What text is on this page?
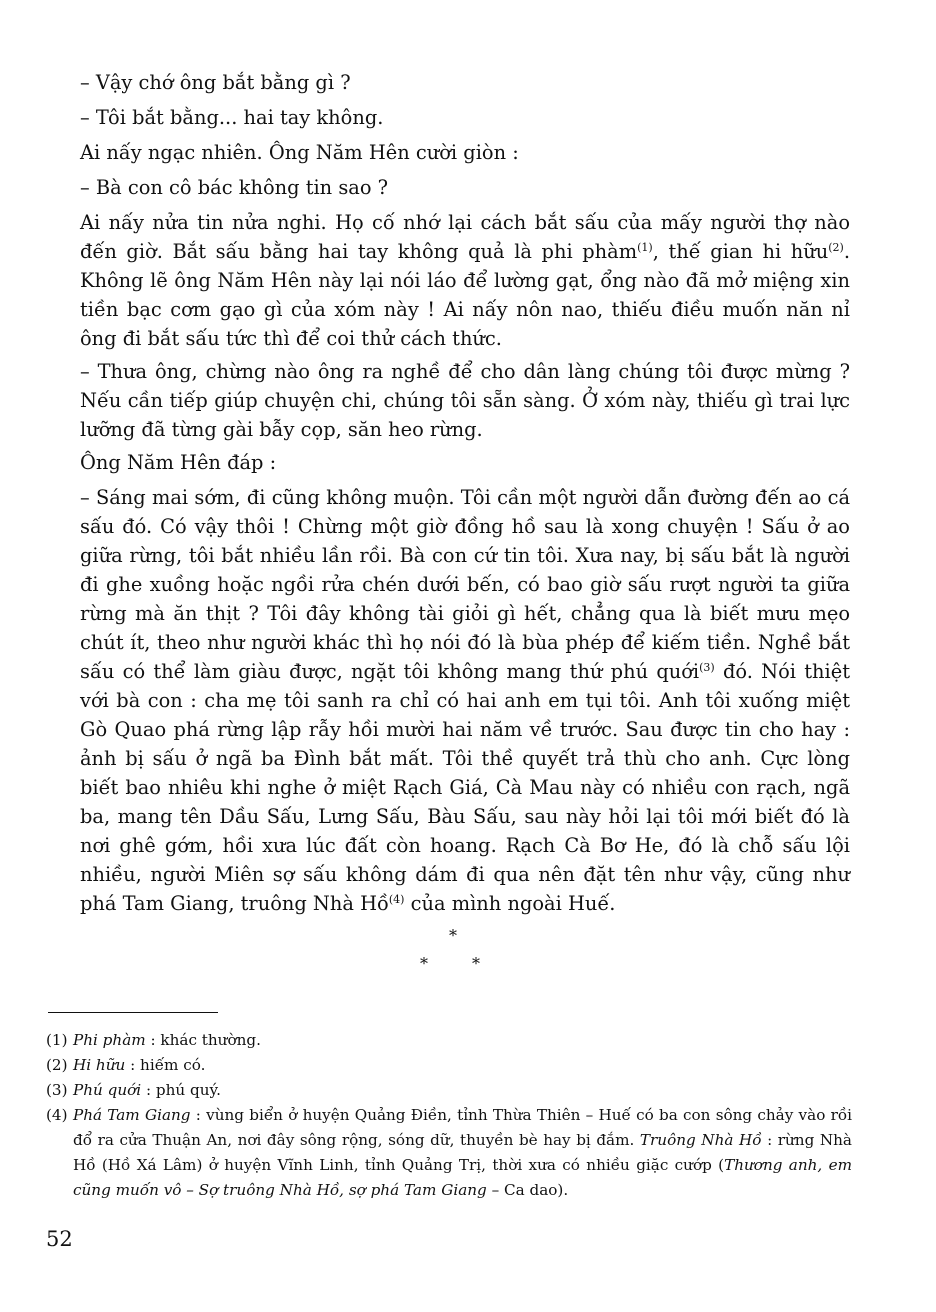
– Vậy chớ ông bắt bằng gì ?

– Tôi bắt bằng... hai tay không.

Ai nấy ngạc nhiên. Ông Năm Hên cười giòn :

– Bà con cô bác không tin sao ?

Ai nấy nửa tin nửa nghi. Họ cố nhớ lại cách bắt sấu của mấy người thợ nào đến giờ. Bắt sấu bằng hai tay không quả là phi phàm$^{(1)}$, thế gian hi hữu$^{(2)}$. Không lẽ ông Năm Hên này lại nói láo để lường gạt, ổng nào đã mở miệng xin tiền bạc cơm gạo gì của xóm này ! Ai nấy nôn nao, thiếu điều muốn năn nỉ ông đi bắt sấu tức thì để coi thử cách thức.

– Thưa ông, chừng nào ông ra nghề để cho dân làng chúng tôi được mừng ? Nếu cần tiếp giúp chuyện chi, chúng tôi sẵn sàng. Ở xóm này, thiếu gì trai lực lưỡng đã từng gài bẫy cọp, săn heo rừng.

Ông Năm Hên đáp :

– Sáng mai sớm, đi cũng không muộn. Tôi cần một người dẫn đường đến ao cá sấu đó. Có vậy thôi ! Chừng một giờ đồng hồ sau là xong chuyện ! Sấu ở ao giữa rừng, tôi bắt nhiều lần rồi. Bà con cứ tin tôi. Xưa nay, bị sấu bắt là người đi ghe xuồng hoặc ngồi rửa chén dưới bến, có bao giờ sấu rượt người ta giữa rừng mà ăn thịt ? Tôi đây không tài giỏi gì hết, chẳng qua là biết mưu mẹo chút ít, theo như người khác thì họ nói đó là bùa phép để kiếm tiền. Nghề bắt sấu có thể làm giàu được, ngặt tôi không mang thứ phú quới$^{(3)}$ đó. Nói thiệt với bà con : cha mẹ tôi sanh ra chỉ có hai anh em tụi tôi. Anh tôi xuống miệt Gò Quao phá rừng lập rẫy hồi mười hai năm về trước. Sau được tin cho hay : ảnh bị sấu ở ngã ba Đình bắt mất. Tôi thề quyết trả thù cho anh. Cực lòng biết bao nhiêu khi nghe ở miệt Rạch Giá, Cà Mau này có nhiều con rạch, ngã ba, mang tên Dầu Sấu, Lưng Sấu, Bàu Sấu, sau này hỏi lại tôi mới biết đó là nơi ghê gớm, hồi xưa lúc đất còn hoang. Rạch Cà Bơ He, đó là chỗ sấu lội nhiều, người Miên sợ sấu không dám đi qua nên đặt tên như vậy, cũng như phá Tam Giang, truông Nhà Hồ$^{(4)}$ của mình ngoài Huế.

*
*	*
(1) Phi phàm : khác thường.
(2) Hi hữu : hiếm có.
(3) Phú quới : phú quý.
(4) Phá Tam Giang : vùng biển ở huyện Quảng Điền, tỉnh Thừa Thiên – Huế có ba con sông chảy vào rồi đổ ra cửa Thuận An, nơi đây sông rộng, sóng dữ, thuyền bè hay bị đắm. Truông Nhà Hồ : rừng Nhà Hồ (Hồ Xá Lâm) ở huyện Vĩnh Linh, tỉnh Quảng Trị, thời xưa có nhiều giặc cướp (Thương anh, em cũng muốn vô – Sợ truông Nhà Hồ, sợ phá Tam Giang – Ca dao).
52
